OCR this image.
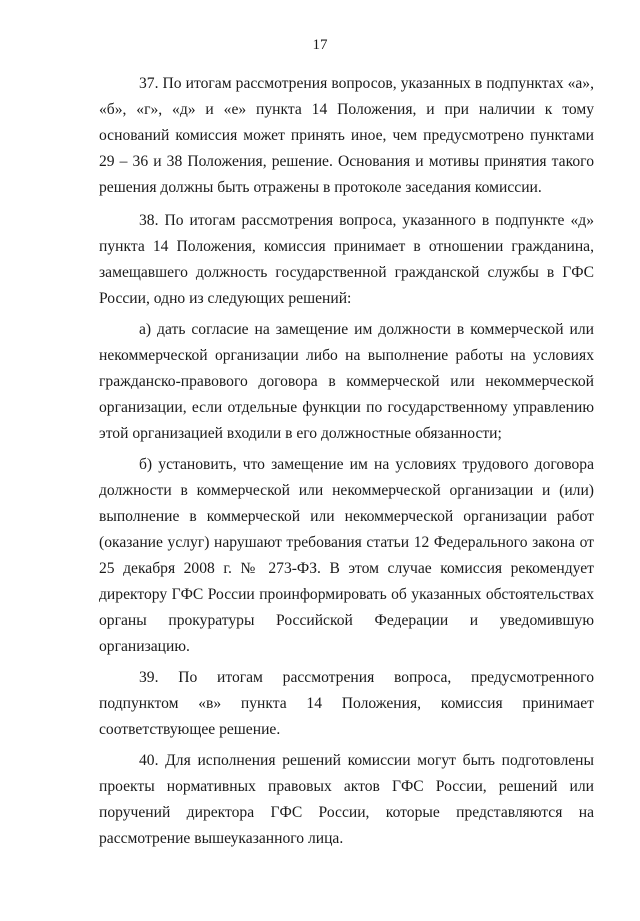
17

37. По итогам рассмотрения вопросов, указанных в подпунктах «а», «б», «г», «д» и «е» пункта 14 Положения, и при наличии к тому оснований комиссия может принять иное, чем предусмотрено пунктами 29 – 36 и 38 Положения, решение. Основания и мотивы принятия такого решения должны быть отражены в протоколе заседания комиссии.

38. По итогам рассмотрения вопроса, указанного в подпункте «д» пункта 14 Положения, комиссия принимает в отношении гражданина, замещавшего должность государственной гражданской службы в ГФС России, одно из следующих решений:

а) дать согласие на замещение им должности в коммерческой или некоммерческой организации либо на выполнение работы на условиях гражданско-правового договора в коммерческой или некоммерческой организации, если отдельные функции по государственному управлению этой организацией входили в его должностные обязанности;

б) установить, что замещение им на условиях трудового договора должности в коммерческой или некоммерческой организации и (или) выполнение в коммерческой или некоммерческой организации работ (оказание услуг) нарушают требования статьи 12 Федерального закона от 25 декабря 2008 г. № 273-ФЗ. В этом случае комиссия рекомендует директору ГФС России проинформировать об указанных обстоятельствах органы прокуратуры Российской Федерации и уведомившую организацию.

39. По итогам рассмотрения вопроса, предусмотренного подпунктом «в» пункта 14 Положения, комиссия принимает соответствующее решение.

40. Для исполнения решений комиссии могут быть подготовлены проекты нормативных правовых актов ГФС России, решений или поручений директора ГФС России, которые представляются на рассмотрение вышеуказанного лица.
